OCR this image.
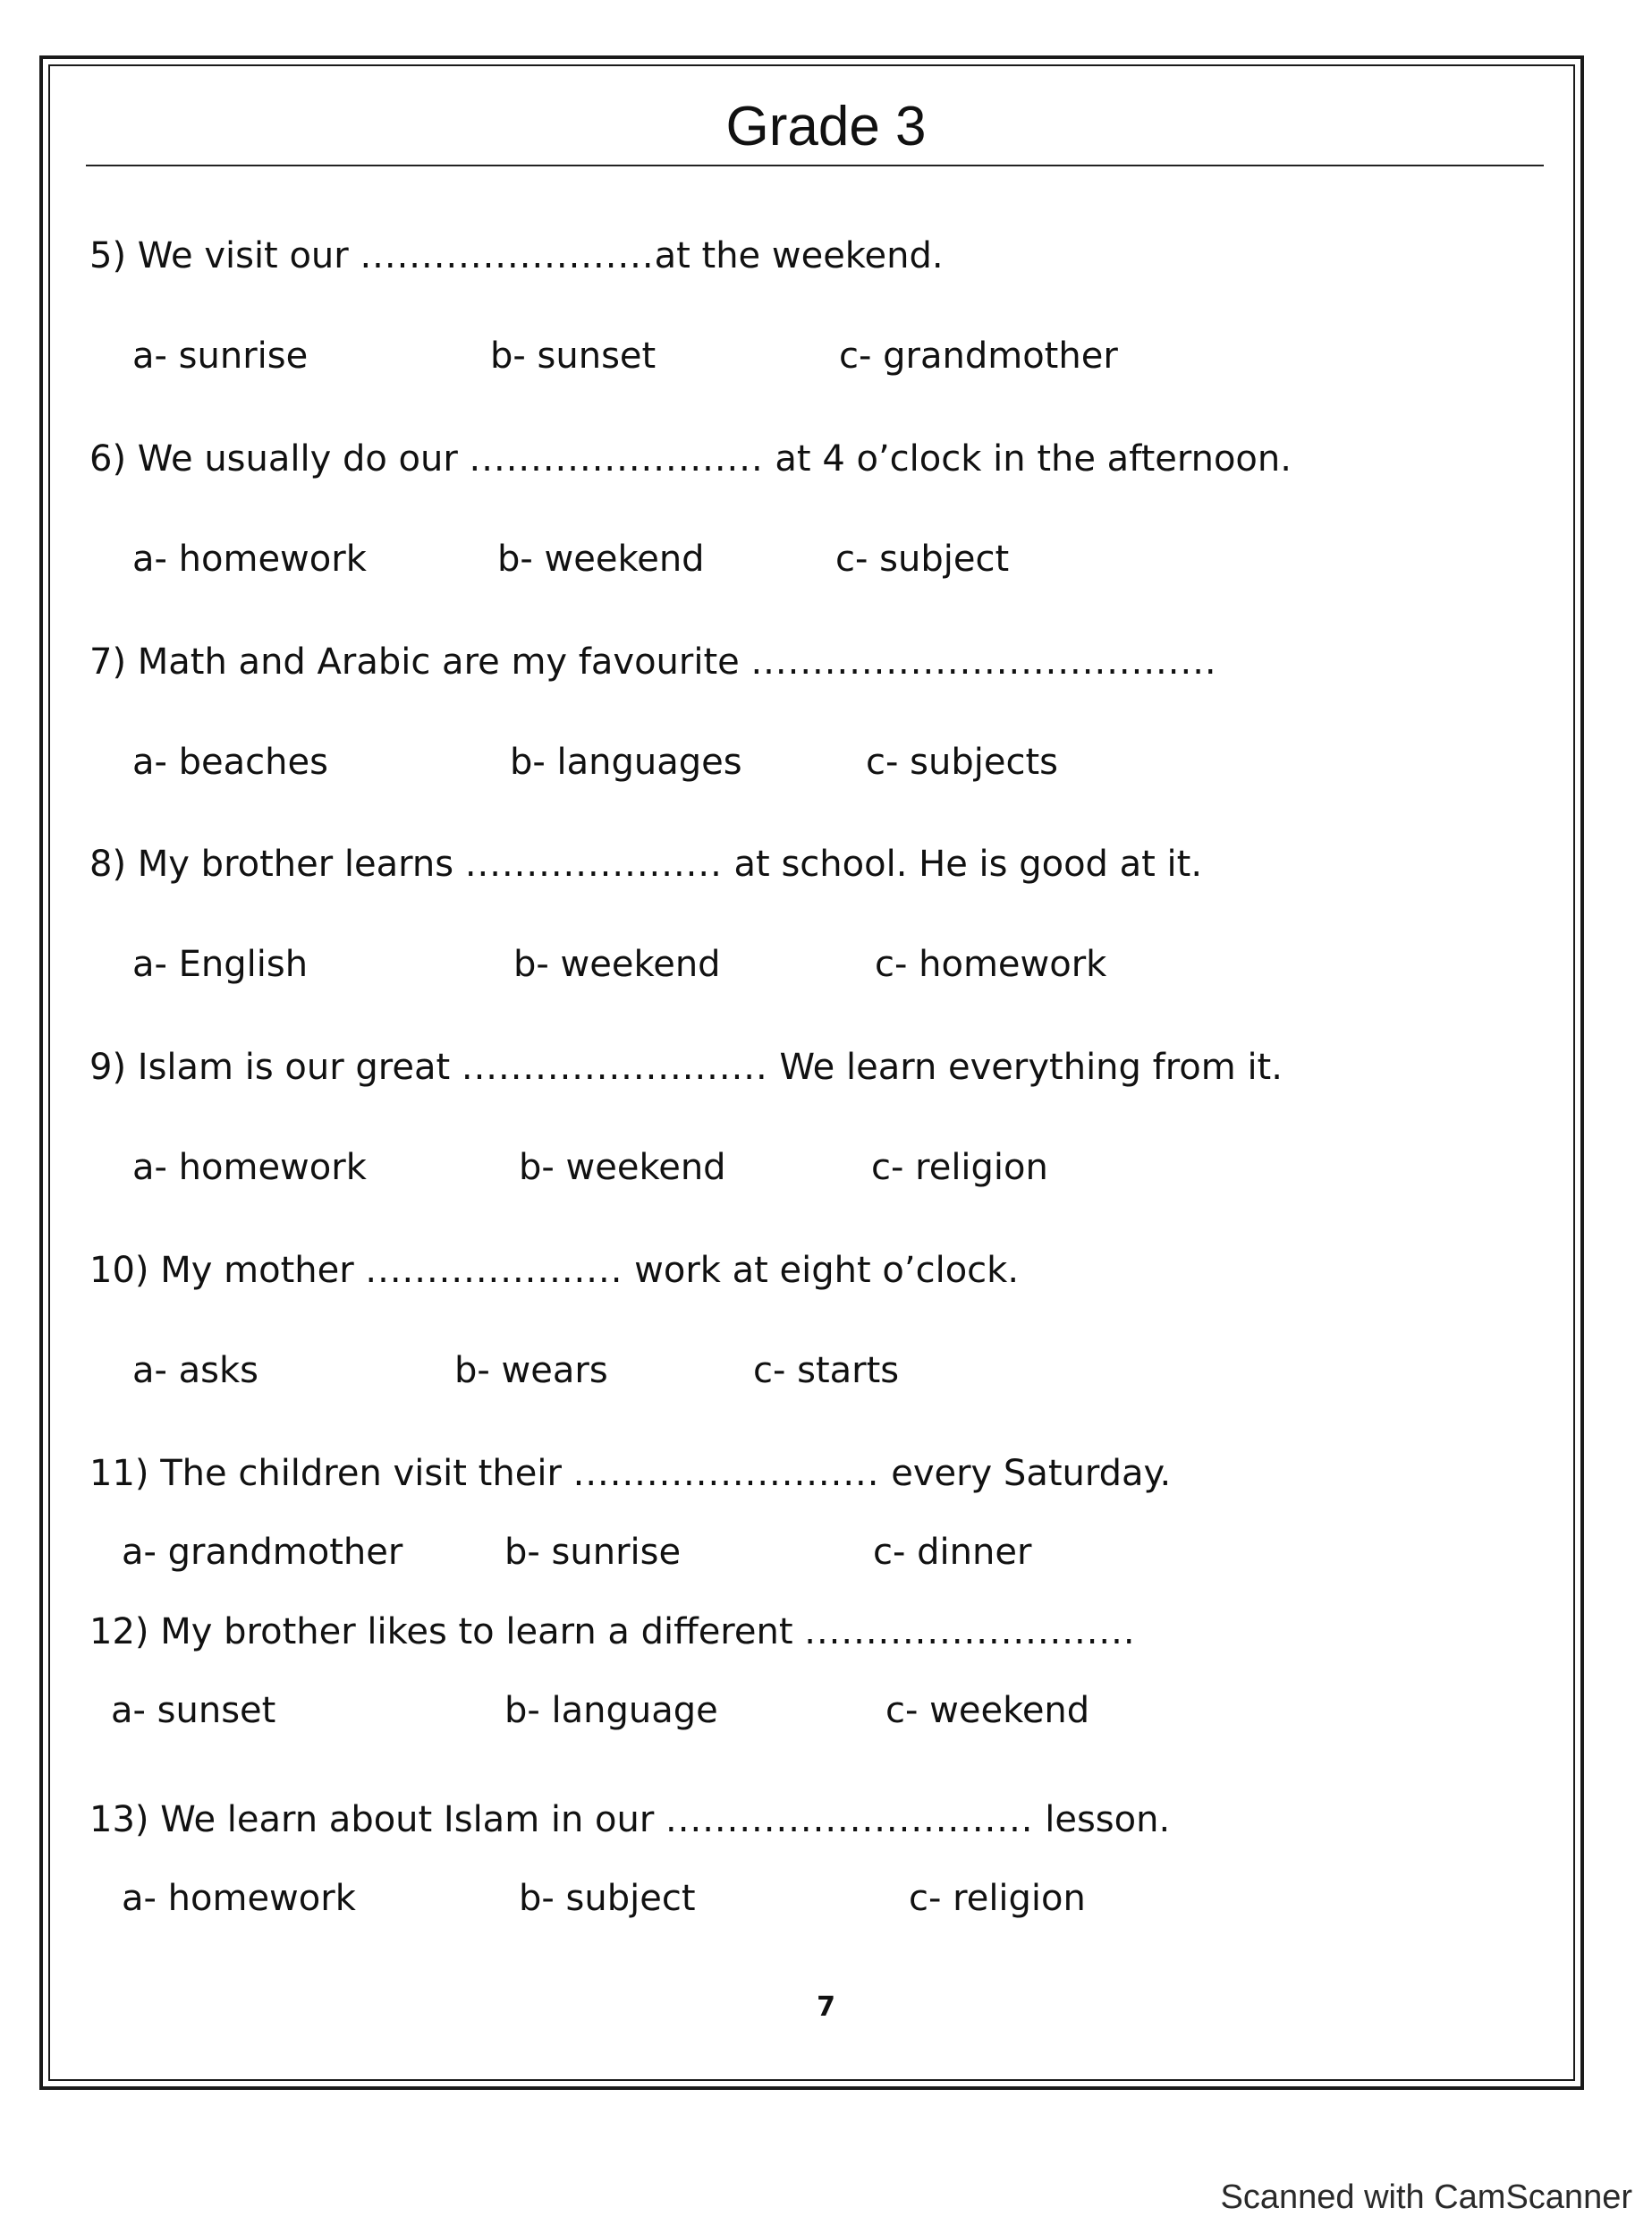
Grade 3
5) We visit our ........................at the weekend.
a- sunrise	b- sunset	c- grandmother
6) We usually do our ........................ at 4 o’clock in the afternoon.
a- homework	b- weekend	c- subject
7) Math and Arabic are my favourite ......................................
a- beaches	b- languages	c- subjects
8) My brother learns ..................... at school. He is good at it.
a- English	b- weekend	c- homework
9) Islam is our great ......................... We learn everything from it.
a- homework	b- weekend	c- religion
10) My mother ..................... work at eight o’clock.
a- asks	b- wears	c- starts
11) The children visit their ......................... every Saturday.
a- grandmother	b- sunrise	c- dinner
12) My brother likes to learn a different ...........................
a- sunset	b- language	c- weekend
13) We learn about Islam in our .............................. lesson.
a- homework	b- subject	c- religion
7
Scanned with CamScanner
